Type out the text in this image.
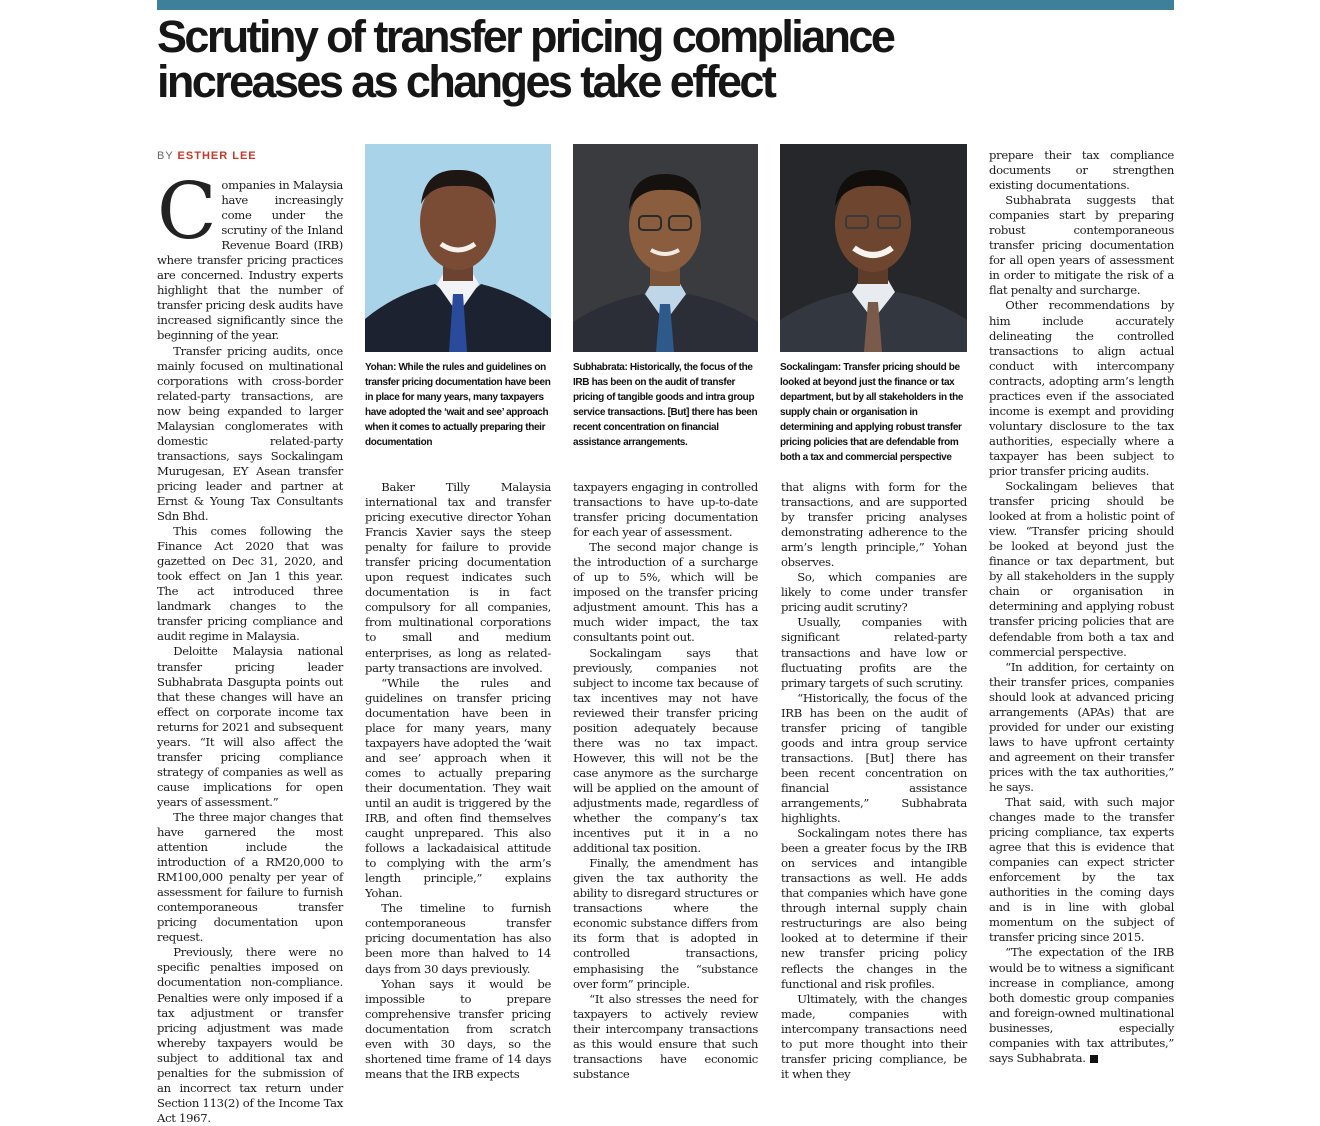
Scrutiny of transfer pricing compliance increases as changes take effect
BY ESTHER LEE

Yohan: While the rules and guidelines on transfer pricing documentation have been in place for many years, many taxpayers have adopted the ‘wait and see’ approach when it comes to actually preparing their documentation

Subhabrata: Historically, the focus of the IRB has been on the audit of transfer pricing of tangible goods and intra group service transactions. [But] there has been recent concentration on financial assistance arrangements.

Sockalingam: Transfer pricing should be looked at beyond just the finance or tax department, but by all stakeholders in the supply chain or organisation in determining and applying robust transfer pricing policies that are defendable from both a tax and commercial perspective

Companies in Malaysia have increasingly come under the scrutiny of the Inland Revenue Board (IRB) where transfer pricing practices are concerned. Industry experts highlight that the number of transfer pricing desk audits have increased significantly since the beginning of the year.

Transfer pricing audits, once mainly focused on multinational corporations with cross-border related-party transactions, are now being expanded to larger Malaysian conglomerates with domestic related-party transactions, says Sockalingam Murugesan, EY Asean transfer pricing leader and partner at Ernst & Young Tax Consultants Sdn Bhd.

This comes following the Finance Act 2020 that was gazetted on Dec 31, 2020, and took effect on Jan 1 this year. The act introduced three landmark changes to the transfer pricing compliance and audit regime in Malaysia.

Deloitte Malaysia national transfer pricing leader Subhabrata Dasgupta points out that these changes will have an effect on corporate income tax returns for 2021 and subsequent years. “It will also affect the transfer pricing compliance strategy of companies as well as cause implications for open years of assessment.”

The three major changes that have garnered the most attention include the introduction of a RM20,000 to RM100,000 penalty per year of assessment for failure to furnish contemporaneous transfer pricing documentation upon request.

Previously, there were no specific penalties imposed on documentation non-compliance. Penalties were only imposed if a tax adjustment or transfer pricing adjustment was made whereby taxpayers would be subject to additional tax and penalties for the submission of an incorrect tax return under Section 113(2) of the Income Tax Act 1967.

Baker Tilly Malaysia international tax and transfer pricing executive director Yohan Francis Xavier says the steep penalty for failure to provide transfer pricing documentation upon request indicates such documentation is in fact compulsory for all companies, from multinational corporations to small and medium enterprises, as long as related-party transactions are involved.

“While the rules and guidelines on transfer pricing documentation have been in place for many years, many taxpayers have adopted the ‘wait and see’ approach when it comes to actually preparing their documentation. They wait until an audit is triggered by the IRB, and often find themselves caught unprepared. This also follows a lackadaisical attitude to complying with the arm’s length principle,” explains Yohan.

The timeline to furnish contemporaneous transfer pricing documentation has also been more than halved to 14 days from 30 days previously.

Yohan says it would be impossible to prepare comprehensive transfer pricing documentation from scratch even with 30 days, so the shortened time frame of 14 days means that the IRB expects

taxpayers engaging in controlled transactions to have up-to-date transfer pricing documentation for each year of assessment.

The second major change is the introduction of a surcharge of up to 5%, which will be imposed on the transfer pricing adjustment amount. This has a much wider impact, the tax consultants point out.

Sockalingam says that previously, companies not subject to income tax because of tax incentives may not have reviewed their transfer pricing position adequately because there was no tax impact. However, this will not be the case anymore as the surcharge will be applied on the amount of adjustments made, regardless of whether the company’s tax incentives put it in a no additional tax position.

Finally, the amendment has given the tax authority the ability to disregard structures or transactions where the economic substance differs from its form that is adopted in controlled transactions, emphasising the “substance over form” principle.

“It also stresses the need for taxpayers to actively review their intercompany transactions as this would ensure that such transactions have economic substance

that aligns with form for the transactions, and are supported by transfer pricing analyses demonstrating adherence to the arm’s length principle,” Yohan observes.

So, which companies are likely to come under transfer pricing audit scrutiny?

Usually, companies with significant related-party transactions and have low or fluctuating profits are the primary targets of such scrutiny.

“Historically, the focus of the IRB has been on the audit of transfer pricing of tangible goods and intra group service transactions. [But] there has been recent concentration on financial assistance arrangements,” Subhabrata highlights.

Sockalingam notes there has been a greater focus by the IRB on services and intangible transactions as well. He adds that companies which have gone through internal supply chain restructurings are also being looked at to determine if their new transfer pricing policy reflects the changes in the functional and risk profiles.

Ultimately, with the changes made, companies with intercompany transactions need to put more thought into their transfer pricing compliance, be it when they

prepare their tax compliance documents or strengthen existing documentations.

Subhabrata suggests that companies start by preparing robust contemporaneous transfer pricing documentation for all open years of assessment in order to mitigate the risk of a flat penalty and surcharge.

Other recommendations by him include accurately delineating the controlled transactions to align actual conduct with intercompany contracts, adopting arm’s length practices even if the associated income is exempt and providing voluntary disclosure to the tax authorities, especially where a taxpayer has been subject to prior transfer pricing audits.

Sockalingam believes that transfer pricing should be looked at from a holistic point of view. “Transfer pricing should be looked at beyond just the finance or tax department, but by all stakeholders in the supply chain or organisation in determining and applying robust transfer pricing policies that are defendable from both a tax and commercial perspective.

“In addition, for certainty on their transfer prices, companies should look at advanced pricing arrangements (APAs) that are provided for under our existing laws to have upfront certainty and agreement on their transfer prices with the tax authorities,” he says.

That said, with such major changes made to the transfer pricing compliance, tax experts agree that this is evidence that companies can expect stricter enforcement by the tax authorities in the coming days and is in line with global momentum on the subject of transfer pricing since 2015.

“The expectation of the IRB would be to witness a significant increase in compliance, among both domestic group companies and foreign-owned multinational businesses, especially companies with tax attributes,” says Subhabrata.	E
